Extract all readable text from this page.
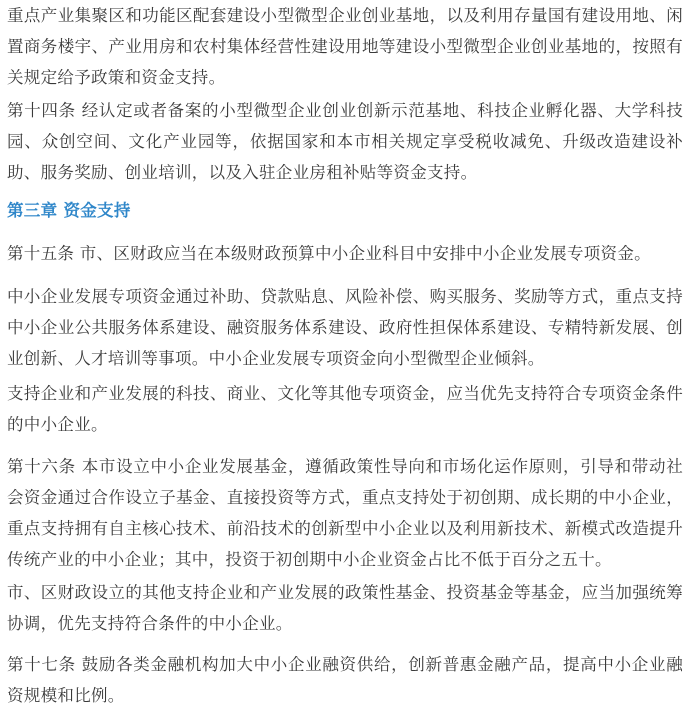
重点产业集聚区和功能区配套建设小型微型企业创业基地，以及利用存量国有建设用地、闲置商务楼宇、产业用房和农村集体经营性建设用地等建设小型微型企业创业基地的，按照有关规定给予政策和资金支持。

第十四条 经认定或者备案的小型微型企业创业创新示范基地、科技企业孵化器、大学科技园、众创空间、文化产业园等，依据国家和本市相关规定享受税收减免、升级改造建设补助、服务奖励、创业培训，以及入驻企业房租补贴等资金支持。

第三章 资金支持

第十五条 市、区财政应当在本级财政预算中小企业科目中安排中小企业发展专项资金。

中小企业发展专项资金通过补助、贷款贴息、风险补偿、购买服务、奖励等方式，重点支持中小企业公共服务体系建设、融资服务体系建设、政府性担保体系建设、专精特新发展、创业创新、人才培训等事项。中小企业发展专项资金向小型微型企业倾斜。

支持企业和产业发展的科技、商业、文化等其他专项资金，应当优先支持符合专项资金条件的中小企业。

第十六条 本市设立中小企业发展基金，遵循政策性导向和市场化运作原则，引导和带动社会资金通过合作设立子基金、直接投资等方式，重点支持处于初创期、成长期的中小企业，重点支持拥有自主核心技术、前沿技术的创新型中小企业以及利用新技术、新模式改造提升传统产业的中小企业；其中，投资于初创期中小企业资金占比不低于百分之五十。

市、区财政设立的其他支持企业和产业发展的政策性基金、投资基金等基金，应当加强统筹协调，优先支持符合条件的中小企业。

第十七条 鼓励各类金融机构加大中小企业融资供给，创新普惠金融产品，提高中小企业融资规模和比例。
